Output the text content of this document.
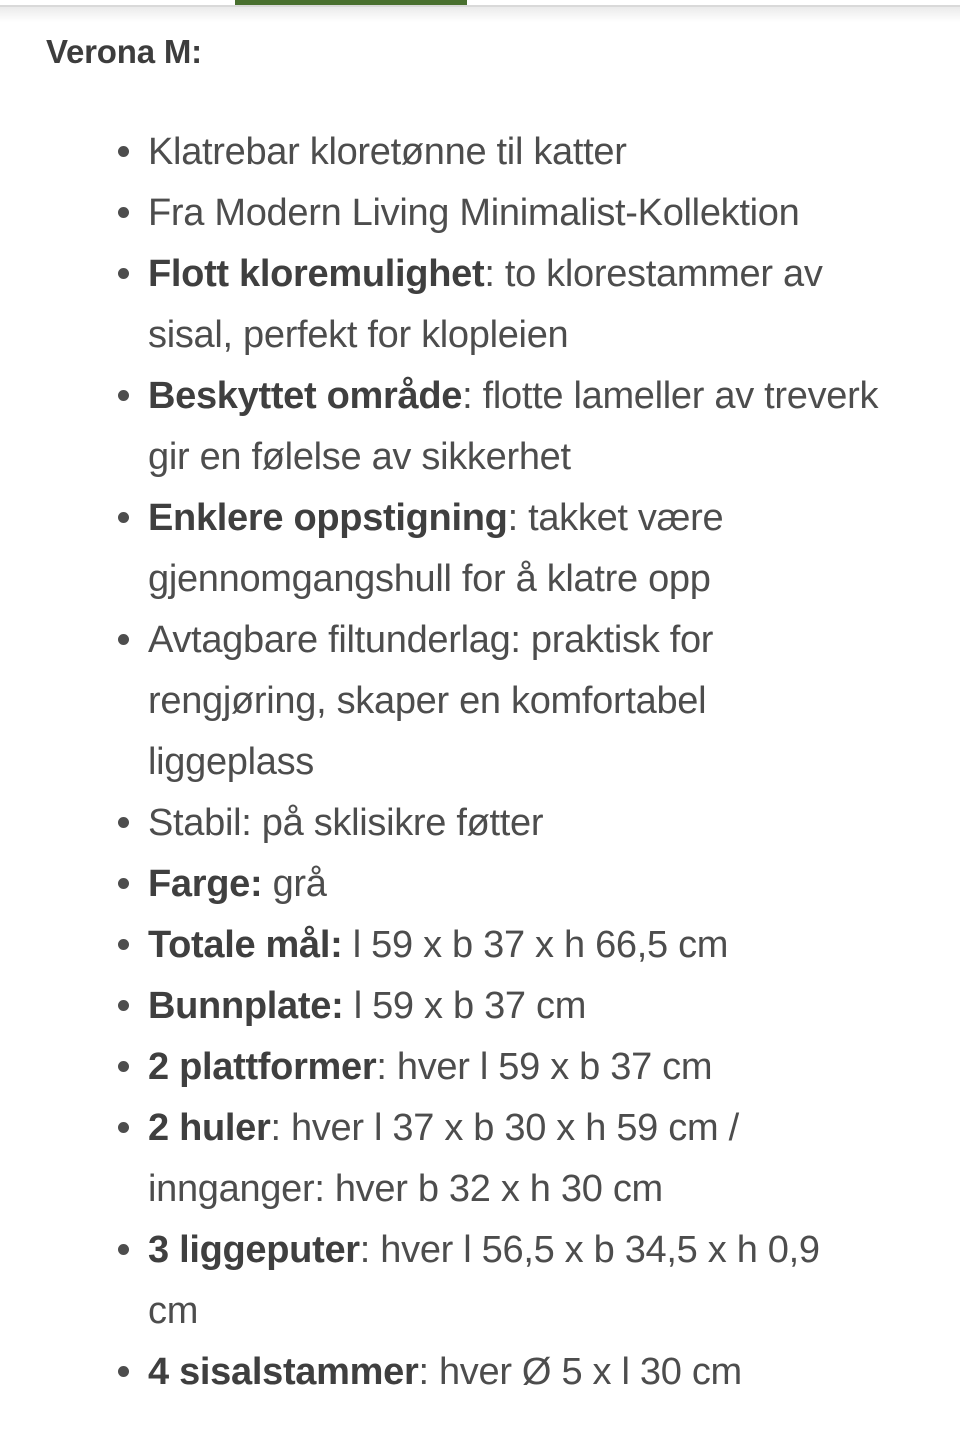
Verona M:
Klatrebar kloretønne til katter
Fra Modern Living Minimalist-Kollektion
Flott kloremulighet: to klorestammer av sisal, perfekt for klopleien
Beskyttet område: flotte lameller av treverk gir en følelse av sikkerhet
Enklere oppstigning: takket være gjennomgangshull for å klatre opp
Avtagbare filtunderlag: praktisk for rengjøring, skaper en komfortabel liggeplass
Stabil: på sklisikre føtter
Farge: grå
Totale mål: l 59 x b 37 x h 66,5 cm
Bunnplate: l 59 x b 37 cm
2 plattformer: hver l 59 x b 37 cm
2 huler: hver l 37 x b 30 x h 59 cm / innganger: hver b 32 x h 30 cm
3 liggeputer: hver l 56,5 x b 34,5 x h 0,9 cm
4 sisalstammer: hver Ø 5 x l 30 cm
